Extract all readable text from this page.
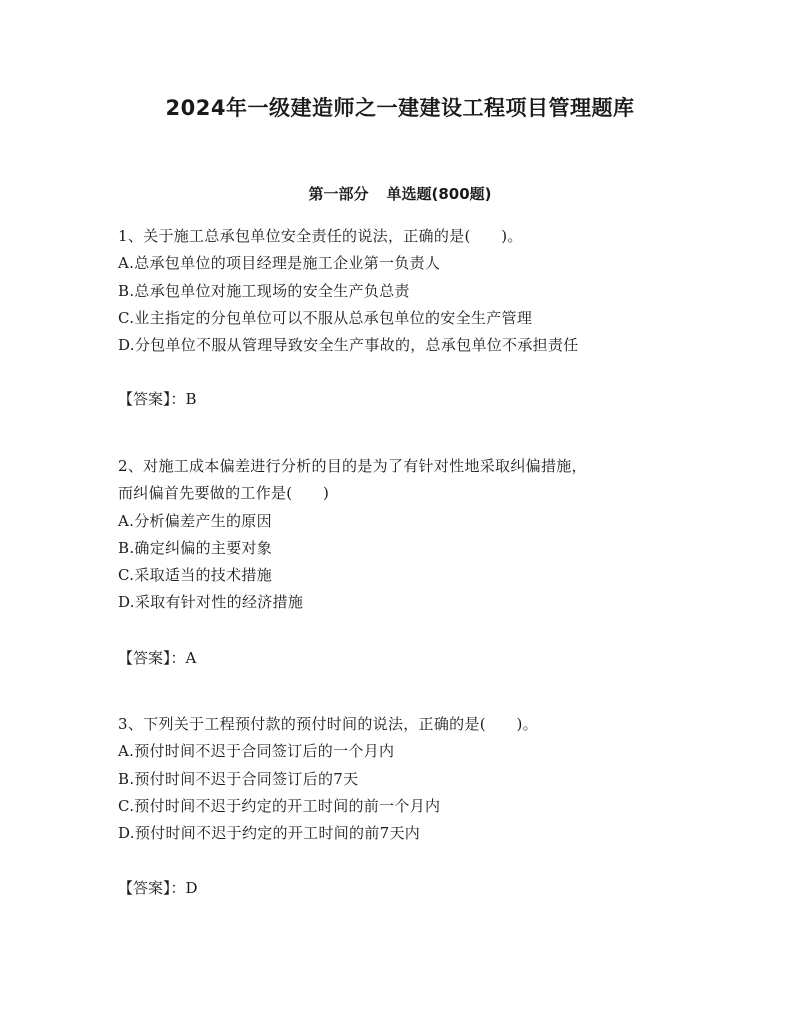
2024年一级建造师之一建建设工程项目管理题库
第一部分 单选题(800题)
1、关于施工总承包单位安全责任的说法，正确的是(　　)。
A.总承包单位的项目经理是施工企业第一负责人
B.总承包单位对施工现场的安全生产负总责
C.业主指定的分包单位可以不服从总承包单位的安全生产管理
D.分包单位不服从管理导致安全生产事故的，总承包单位不承担责任
【答案】：B
2、对施工成本偏差进行分析的目的是为了有针对性地采取纠偏措施，
而纠偏首先要做的工作是(　　)
A.分析偏差产生的原因
B.确定纠偏的主要对象
C.采取适当的技术措施
D.采取有针对性的经济措施
【答案】：A
3、下列关于工程预付款的预付时间的说法，正确的是(　　)。
A.预付时间不迟于合同签订后的一个月内
B.预付时间不迟于合同签订后的7天
C.预付时间不迟于约定的开工时间的前一个月内
D.预付时间不迟于约定的开工时间的前7天内
【答案】：D
